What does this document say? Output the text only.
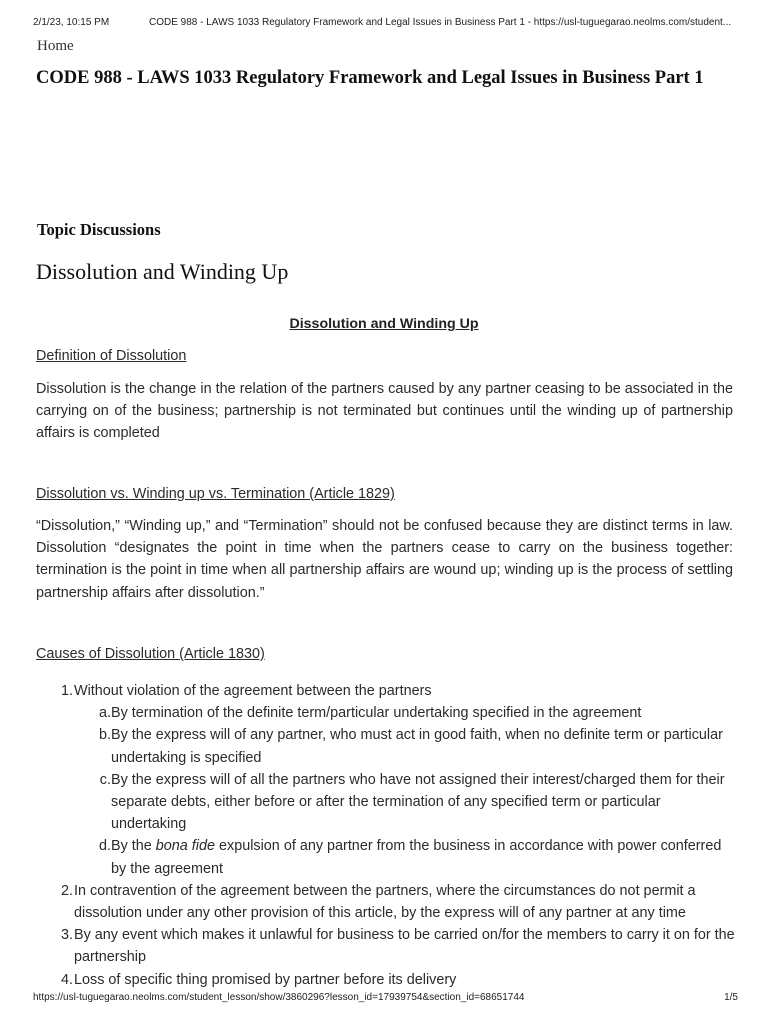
2/1/23, 10:15 PM	CODE 988 - LAWS 1033 Regulatory Framework and Legal Issues in Business Part 1 - https://usl-tuguegarao.neolms.com/student...
Home
CODE 988 - LAWS 1033 Regulatory Framework and Legal Issues in Business Part 1
Topic Discussions
Dissolution and Winding Up
Dissolution and Winding Up
Definition of Dissolution
Dissolution is the change in the relation of the partners caused by any partner ceasing to be associated in the carrying on of the business; partnership is not terminated but continues until the winding up of partnership affairs is completed
Dissolution vs. Winding up vs. Termination (Article 1829)
“Dissolution,” “Winding up,” and “Termination” should not be confused because they are distinct terms in law. Dissolution “designates the point in time when the partners cease to carry on the business together: termination is the point in time when all partnership affairs are wound up; winding up is the process of settling partnership affairs after dissolution.”
Causes of Dissolution (Article 1830)
1. Without violation of the agreement between the partners
a. By termination of the definite term/particular undertaking specified in the agreement
b. By the express will of any partner, who must act in good faith, when no definite term or particular undertaking is specified
c. By the express will of all the partners who have not assigned their interest/charged them for their separate debts, either before or after the termination of any specified term or particular undertaking
d. By the bona fide expulsion of any partner from the business in accordance with power conferred by the agreement
2. In contravention of the agreement between the partners, where the circumstances do not permit a dissolution under any other provision of this article, by the express will of any partner at any time
3. By any event which makes it unlawful for business to be carried on/for the members to carry it on for the partnership
4. Loss of specific thing promised by partner before its delivery
https://usl-tuguegarao.neolms.com/student_lesson/show/3860296?lesson_id=17939754&section_id=68651744	1/5
